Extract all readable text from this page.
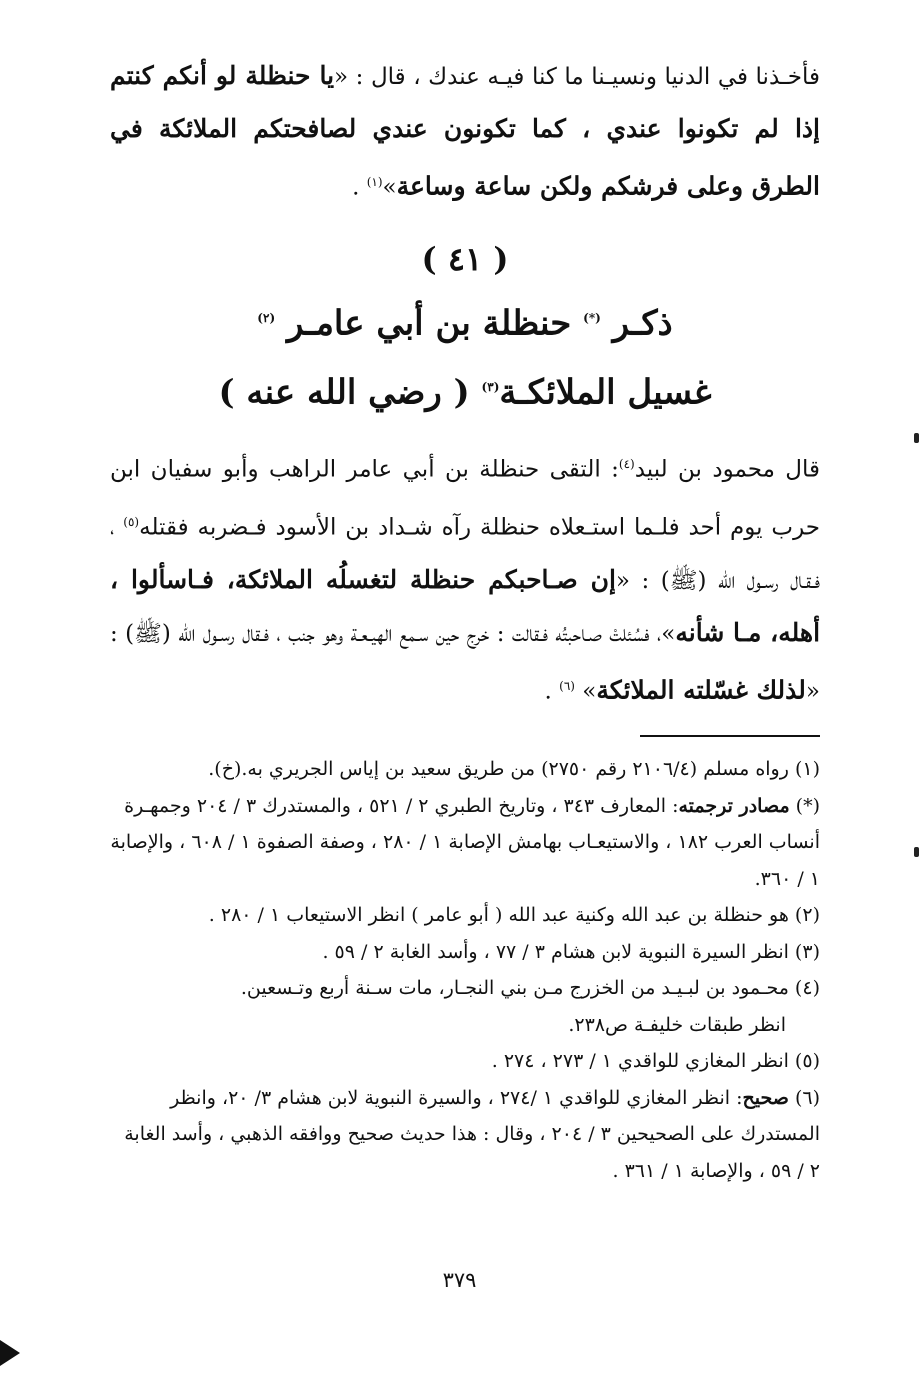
فأخـذنا في الدنيا ونسيـنا ما كنا فيـه عندك ، قال : «يا حنظلة لو أنكم كنتم إذا لم تكونوا عندي ، كما تكونون عندي لصافحتكم الملائكة في الطرق وعلى فرشكم ولكن ساعة وساعة»$^{(١)}$ .

( ٤١ )

ذكـر (*) حنظلة بن أبي عامـر $^{(٢)}$

غسيل الملائكـة$^{(٣)}$ ( رضي الله عنه )

قال محمود بن لبيد$^{(٤)}$: التقى حنظلة بن أبي عامر الراهب وأبو سفيان ابن حرب يوم أحد فلـما استـعلاه حنظلة رآه شـداد بن الأسود فـضربه فقتله$^{(٥)}$ ، فـقـال رسـول الله (ﷺ) : «إن صـاحبكم حنظلة لتغسلُه الملائكة، فـاسألوا ، أهله، مـا شأنه»، فسُئلتْ صـاحبتُه فـقالت : خرج حين سـمع الهيـعـة وهو جنب ، فـقال رسـول الله (ﷺ) : «لذلك غسّلته الملائكة» $^{(٦)}$ .

(١) رواه مسلم (٢١٠٦/٤ رقم ٢٧٥٠) من طريق سعيد بن إياس الجريري به.(خ).

(*) مصادر ترجمته: المعارف ٣٤٣ ، وتاريخ الطبري ٢ / ٥٢١ ، والمستدرك ٣ / ٢٠٤ وجمهـرة أنساب العرب ١٨٢ ، والاستيعـاب بهامش الإصابة ١ / ٢٨٠ ، وصفة الصفوة ١ / ٦٠٨ ، والإصابة ١ / ٣٦٠.

(٢) هو حنظلة بن عبد الله وكنية عبد الله ( أبو عامر ) انظر الاستيعاب ١ / ٢٨٠ .

(٣) انظر السيرة النبوية لابن هشام ٣ / ٧٧ ، وأسد الغابة ٢ / ٥٩ .

(٤) محـمود بن لبـيـد من الخزرج مـن بني النجـار، مات سـنة أربع وتـسعين.
انظر طبقات خليفـة ص٢٣٨.

(٥) انظر المغازي للواقدي ١ / ٢٧٣ ، ٢٧٤ .

(٦) صحيح: انظر المغازي للواقدي ١ /٢٧٤ ، والسيرة النبوية لابن هشام ٣/ ٢٠، وانظر المستدرك على الصحيحين ٣ / ٢٠٤ ، وقال : هذا حديث صحيح ووافقه الذهبي ، وأسد الغابة ٢ / ٥٩ ، والإصابة ١ / ٣٦١ .

٣٧٩
